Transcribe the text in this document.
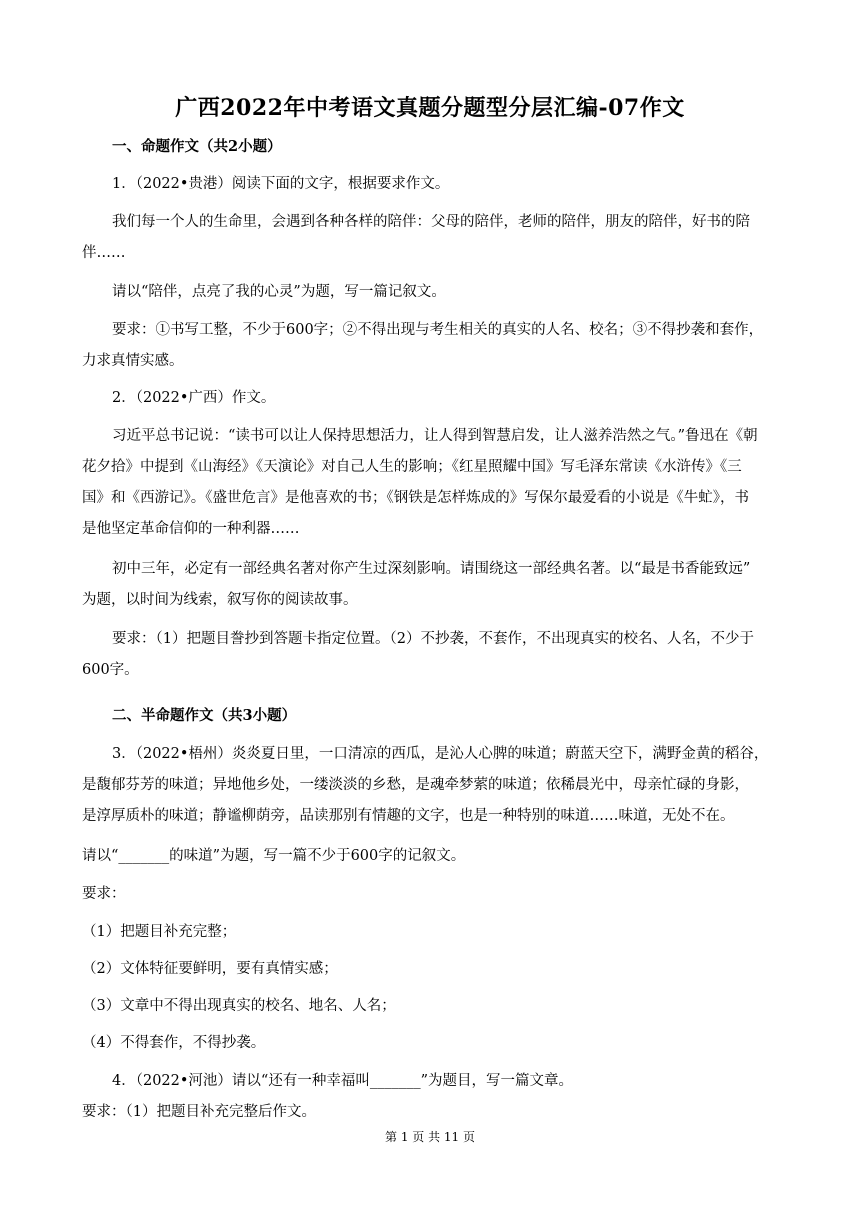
广西2022年中考语文真题分题型分层汇编-07作文
一、命题作文（共2小题）
1．（2022•贵港）阅读下面的文字，根据要求作文。
我们每一个人的生命里，会遇到各种各样的陪伴：父母的陪伴，老师的陪伴，朋友的陪伴，好书的陪
伴……
请以“陪伴，点亮了我的心灵”为题，写一篇记叙文。
要求：①书写工整，不少于600字；②不得出现与考生相关的真实的人名、校名；③不得抄袭和套作，
力求真情实感。
2．（2022•广西）作文。
习近平总书记说：“读书可以让人保持思想活力，让人得到智慧启发，让人滋养浩然之气。”鲁迅在《朝
花夕拾》中提到《山海经》《天演论》对自己人生的影响；《红星照耀中国》写毛泽东常读《水浒传》《三
国》和《西游记》。《盛世危言》是他喜欢的书；《钢铁是怎样炼成的》写保尔最爱看的小说是《牛虻》，书
是他坚定革命信仰的一种利器……
初中三年，必定有一部经典名著对你产生过深刻影响。请围绕这一部经典名著。以“最是书香能致远”
为题，以时间为线索，叙写你的阅读故事。
要求：（1）把题目誊抄到答题卡指定位置。（2）不抄袭，不套作，不出现真实的校名、人名，不少于
600字。
二、半命题作文（共3小题）
3．（2022•梧州）炎炎夏日里，一口清凉的西瓜，是沁人心脾的味道；蔚蓝天空下，满野金黄的稻谷，
是馥郁芬芳的味道；异地他乡处，一缕淡淡的乡愁，是魂牵梦萦的味道；依稀晨光中，母亲忙碌的身影，
是淳厚质朴的味道；静谧柳荫旁，品读那别有情趣的文字，也是一种特别的味道……味道，无处不在。
请以“_______的味道”为题，写一篇不少于600字的记叙文。
要求：
（1）把题目补充完整；
（2）文体特征要鲜明，要有真情实感；
（3）文章中不得出现真实的校名、地名、人名；
（4）不得套作，不得抄袭。
4．（2022•河池）请以“还有一种幸福叫_______”为题目，写一篇文章。
要求：（1）把题目补充完整后作文。
第 1 页 共 11 页
